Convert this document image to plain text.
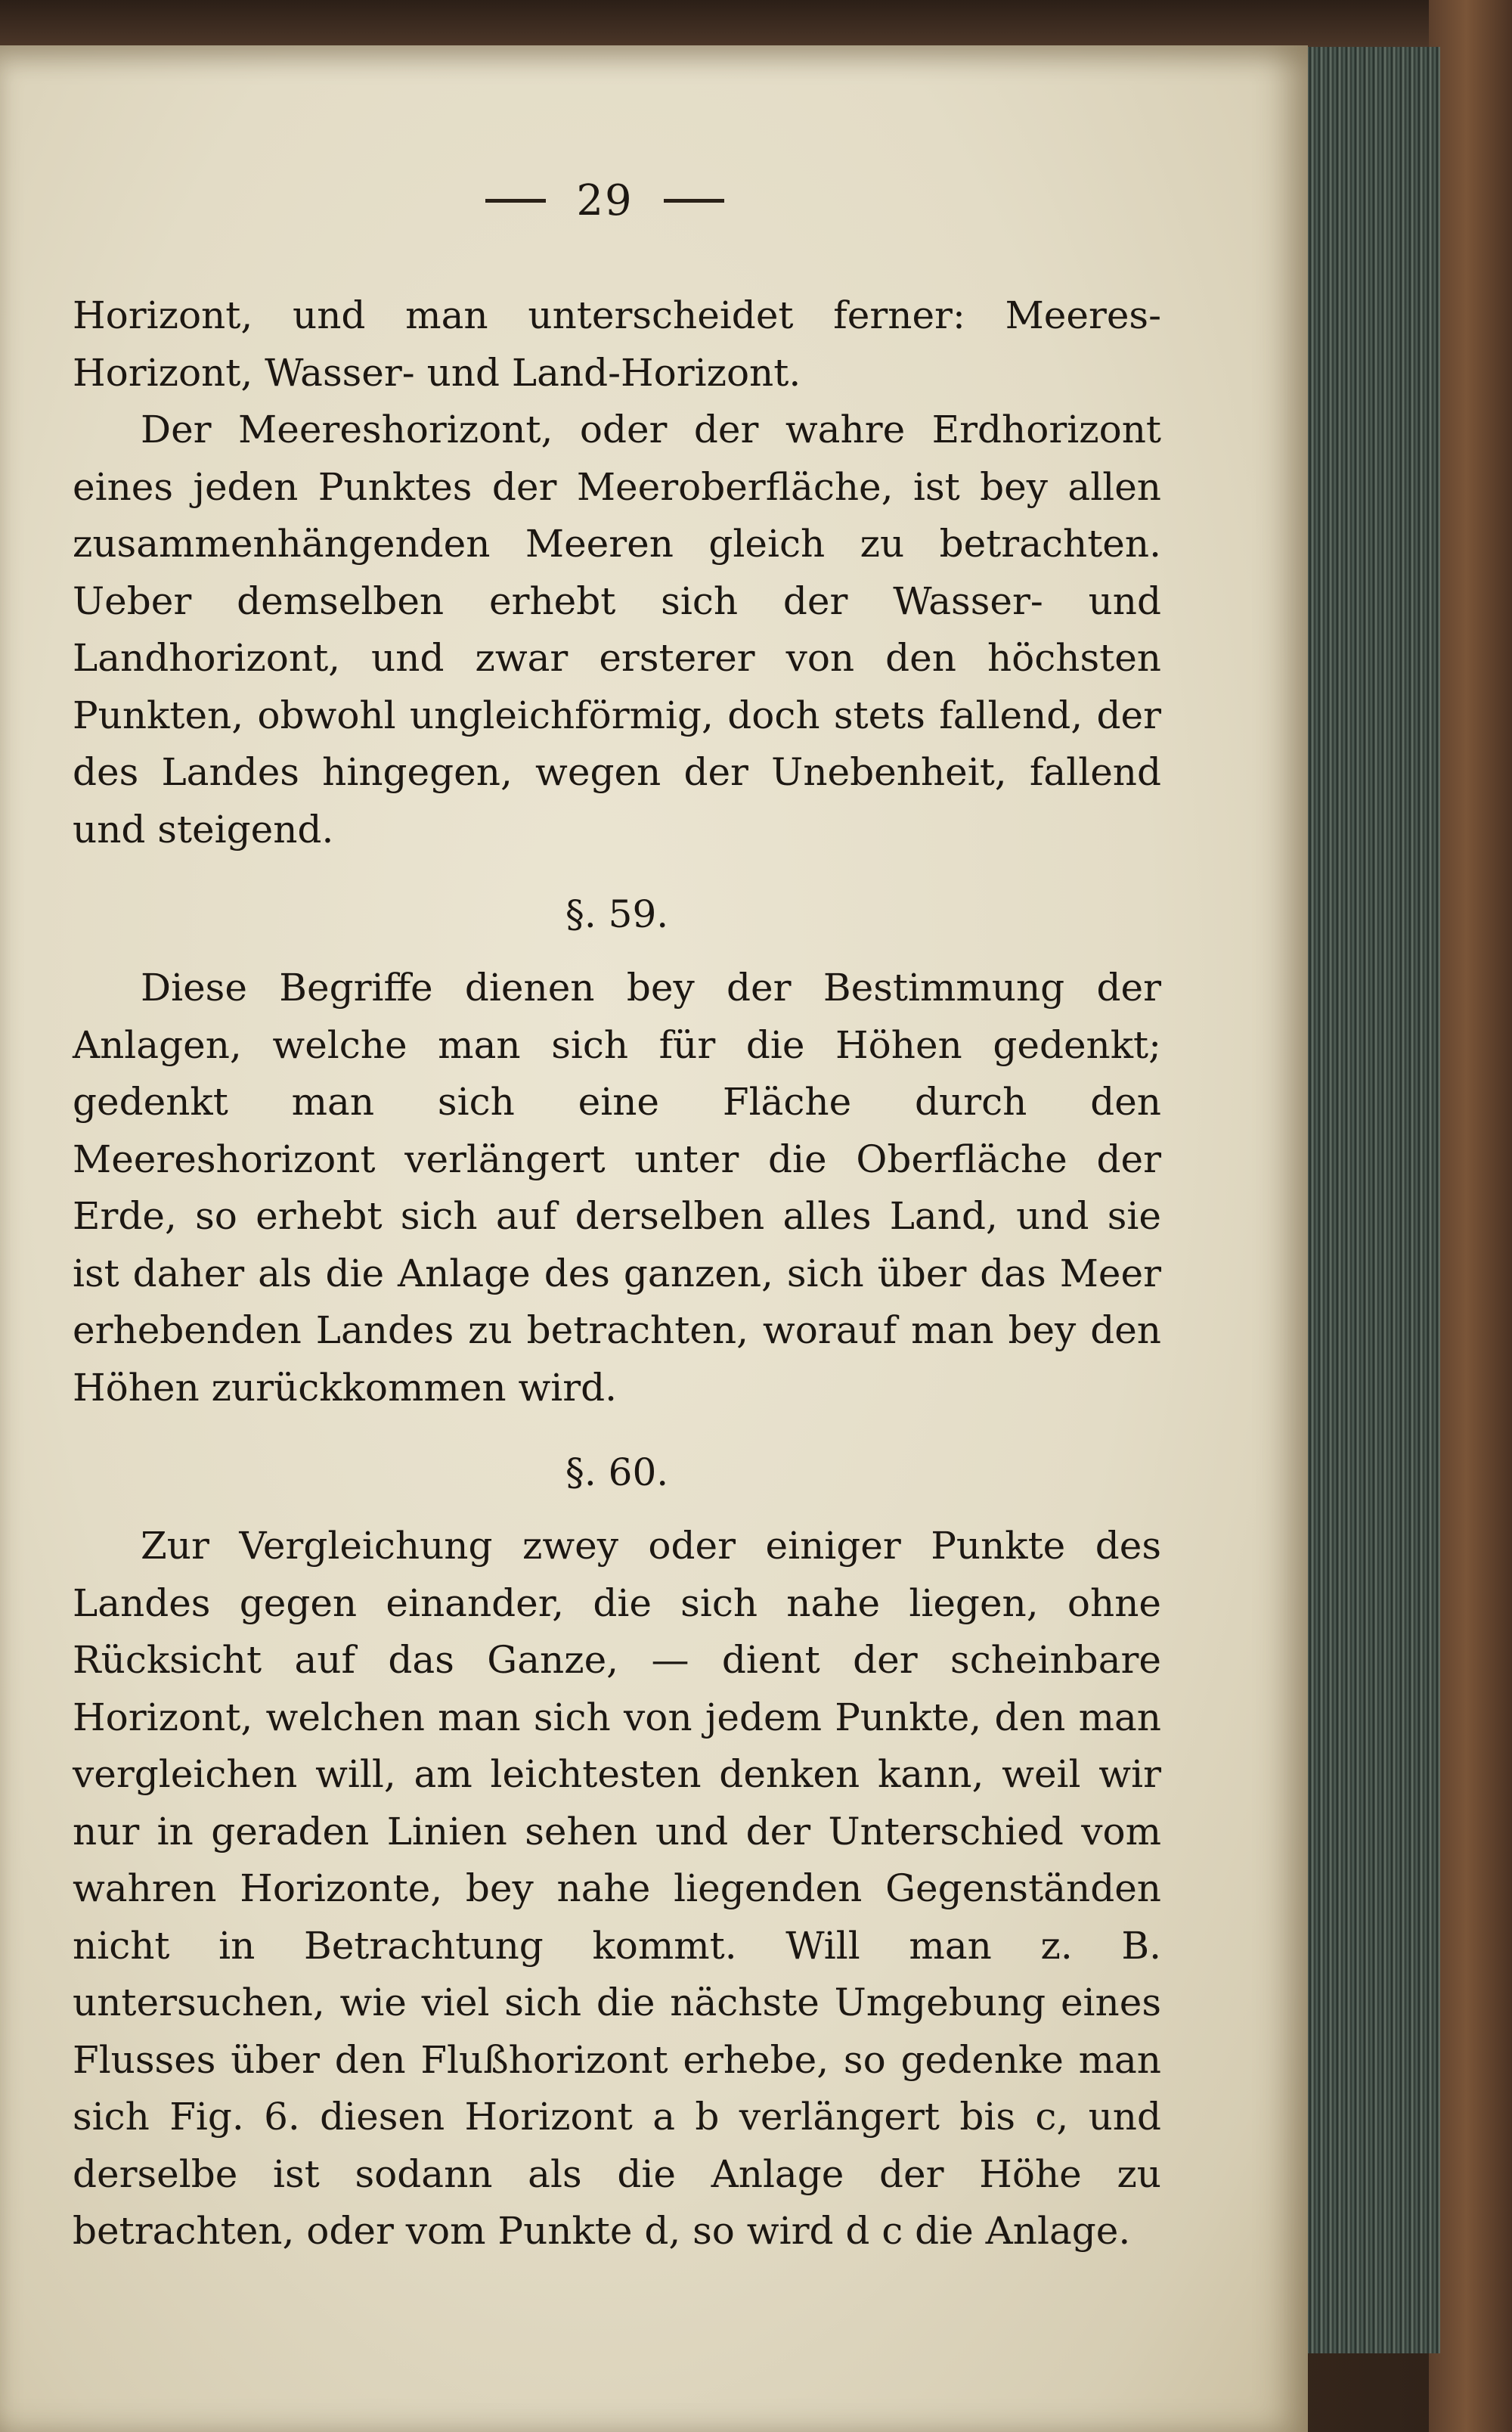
29

Horizont, und man unterscheidet ferner: Meeres-Horizont, Wasser- und Land-Horizont.

Der Meereshorizont, oder der wahre Erdhorizont eines jeden Punktes der Meeroberfläche, ist bey allen zusammenhängenden Meeren gleich zu betrachten. Ueber demselben erhebt sich der Wasser- und Landhorizont, und zwar ersterer von den höchsten Punkten, obwohl ungleichförmig, doch stets fallend, der des Landes hingegen, wegen der Unebenheit, fallend und steigend.

§. 59.

Diese Begriffe dienen bey der Bestimmung der Anlagen, welche man sich für die Höhen gedenkt; gedenkt man sich eine Fläche durch den Meereshorizont verlängert unter die Oberfläche der Erde, so erhebt sich auf derselben alles Land, und sie ist daher als die Anlage des ganzen, sich über das Meer erhebenden Landes zu betrachten, worauf man bey den Höhen zurückkommen wird.

§. 60.

Zur Vergleichung zwey oder einiger Punkte des Landes gegen einander, die sich nahe liegen, ohne Rücksicht auf das Ganze, — dient der scheinbare Horizont, welchen man sich von jedem Punkte, den man vergleichen will, am leichtesten denken kann, weil wir nur in geraden Linien sehen und der Unterschied vom wahren Horizonte, bey nahe liegenden Gegenständen nicht in Betrachtung kommt. Will man z. B. untersuchen, wie viel sich die nächste Umgebung eines Flusses über den Flußhorizont erhebe, so gedenke man sich Fig. 6. diesen Horizont a b verlängert bis c, und derselbe ist sodann als die Anlage der Höhe zu betrachten, oder vom Punkte d, so wird d c die Anlage.
